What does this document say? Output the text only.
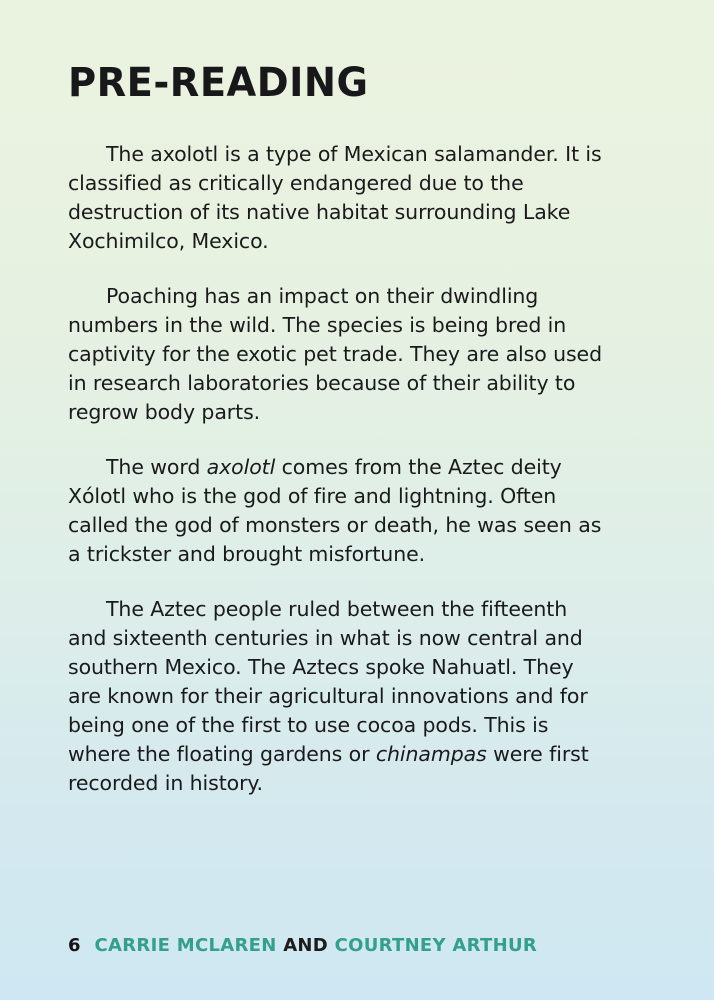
PRE-READING

The axolotl is a type of Mexican salamander. It is classified as critically endangered due to the destruction of its native habitat surrounding Lake Xochimilco, Mexico.

Poaching has an impact on their dwindling numbers in the wild. The species is being bred in captivity for the exotic pet trade. They are also used in research laboratories because of their ability to regrow body parts.

The word axolotl comes from the Aztec deity Xólotl who is the god of fire and lightning. Often called the god of monsters or death, he was seen as a trickster and brought misfortune.

The Aztec people ruled between the fifteenth and sixteenth centuries in what is now central and southern Mexico. The Aztecs spoke Nahuatl. They are known for their agricultural innovations and for being one of the first to use cocoa pods. This is where the floating gardens or chinampas were first recorded in history.

6 CARRIE MCLAREN AND COURTNEY ARTHUR
